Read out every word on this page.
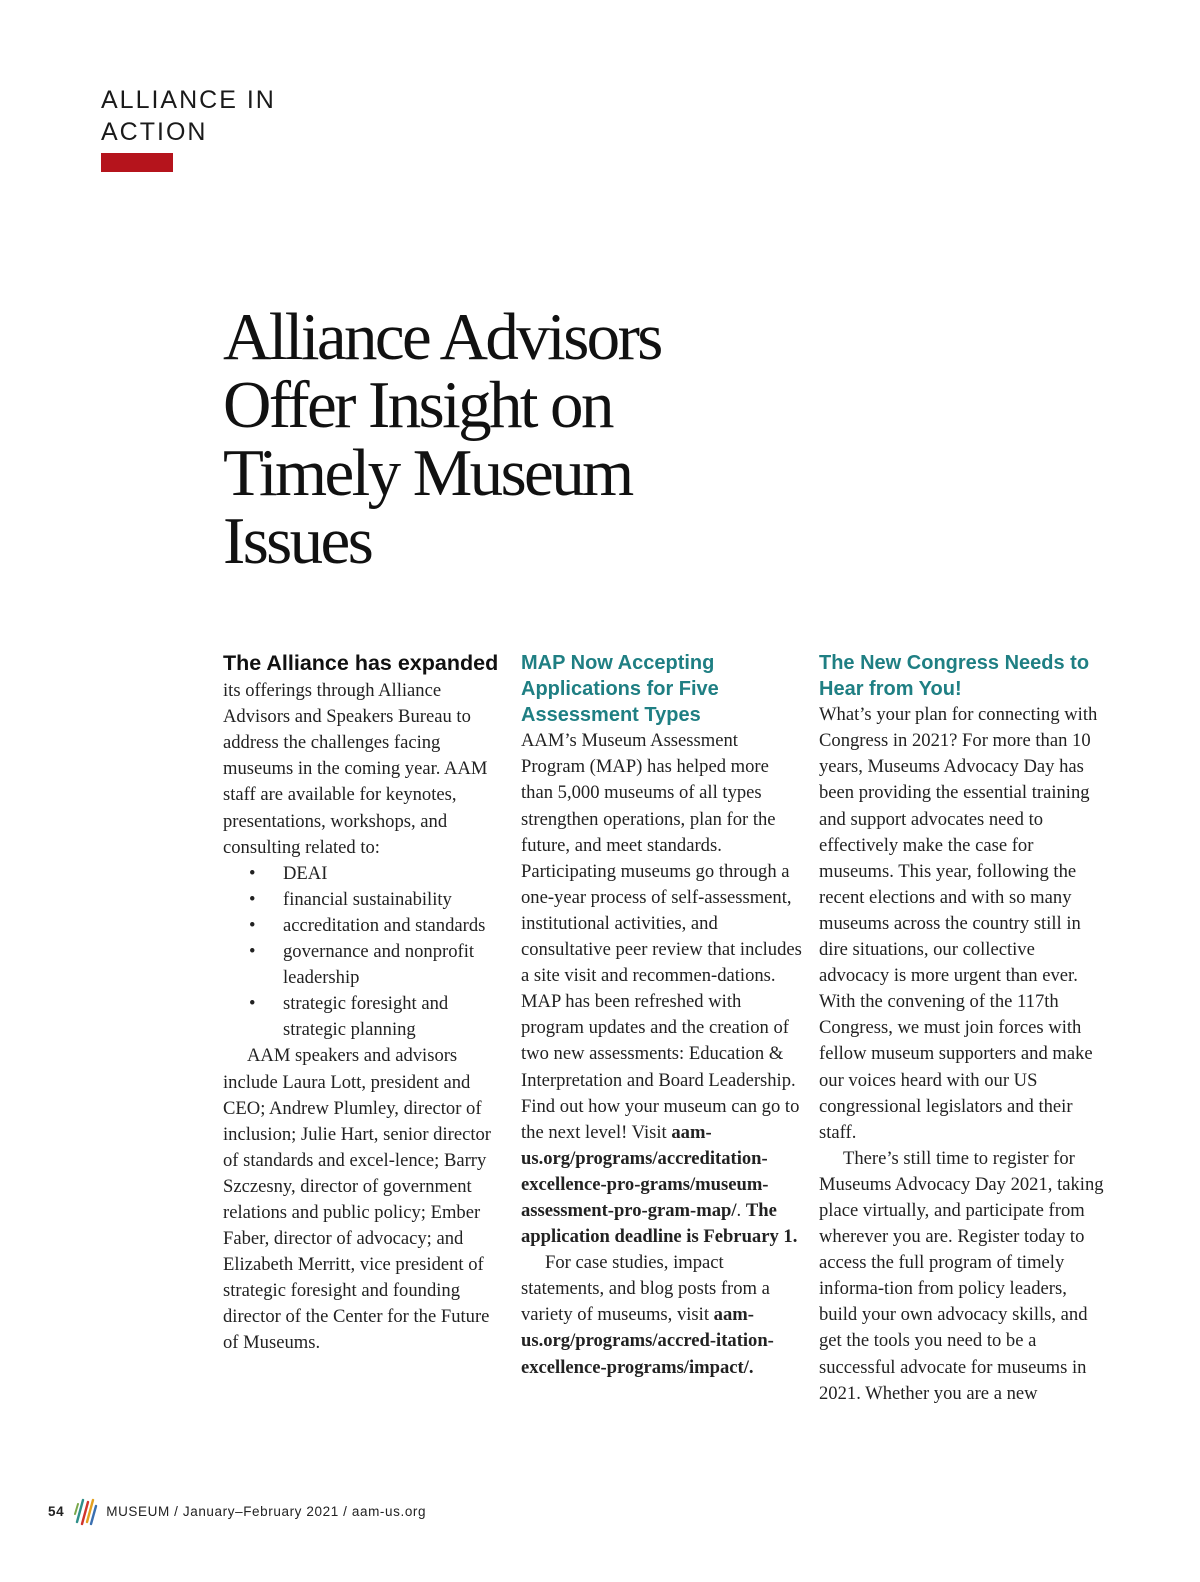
ALLIANCE IN
ACTION
Alliance Advisors
Offer Insight on
Timely Museum
Issues

The Alliance has expanded its offerings through Alliance Advisors and Speakers Bureau to address the challenges facing museums in the coming year. AAM staff are available for keynotes, presentations, workshops, and consulting related to:

• DEAI
• financial sustainability
• accreditation and standards
• governance and nonprofit leadership
• strategic foresight and strategic planning

AAM speakers and advisors include Laura Lott, president and CEO; Andrew Plumley, director of inclusion; Julie Hart, senior director of standards and excel-lence; Barry Szczesny, director of government relations and public policy; Ember Faber, director of advocacy; and Elizabeth Merritt, vice president of strategic foresight and founding director of the Center for the Future of Museums.

MAP Now Accepting Applications for Five Assessment Types

AAM’s Museum Assessment Program (MAP) has helped more than 5,000 museums of all types strengthen operations, plan for the future, and meet standards. Participating museums go through a one-year process of self-assessment, institutional activities, and consultative peer review that includes a site visit and recommen-dations. MAP has been refreshed with program updates and the creation of two new assessments: Education & Interpretation and Board Leadership. Find out how your museum can go to the next level! Visit aam-us.org/programs/accreditation-excellence-pro-grams/museum-assessment-pro-gram-map/. The application deadline is February 1.

For case studies, impact statements, and blog posts from a variety of museums, visit aam-us.org/programs/accred-itation-excellence-programs/impact/.

The New Congress Needs to Hear from You!

What’s your plan for connecting with Congress in 2021? For more than 10 years, Museums Advocacy Day has been providing the essential training and support advocates need to effectively make the case for museums. This year, following the recent elections and with so many museums across the country still in dire situations, our collective advocacy is more urgent than ever. With the convening of the 117th Congress, we must join forces with fellow museum supporters and make our voices heard with our US congressional legislators and their staff.

There’s still time to register for Museums Advocacy Day 2021, taking place virtually, and participate from wherever you are. Register today to access the full program of timely informa-tion from policy leaders, build your own advocacy skills, and get the tools you need to be a successful advocate for museums in 2021. Whether you are a new

54	MUSEUM / January–February 2021 / aam-us.org
